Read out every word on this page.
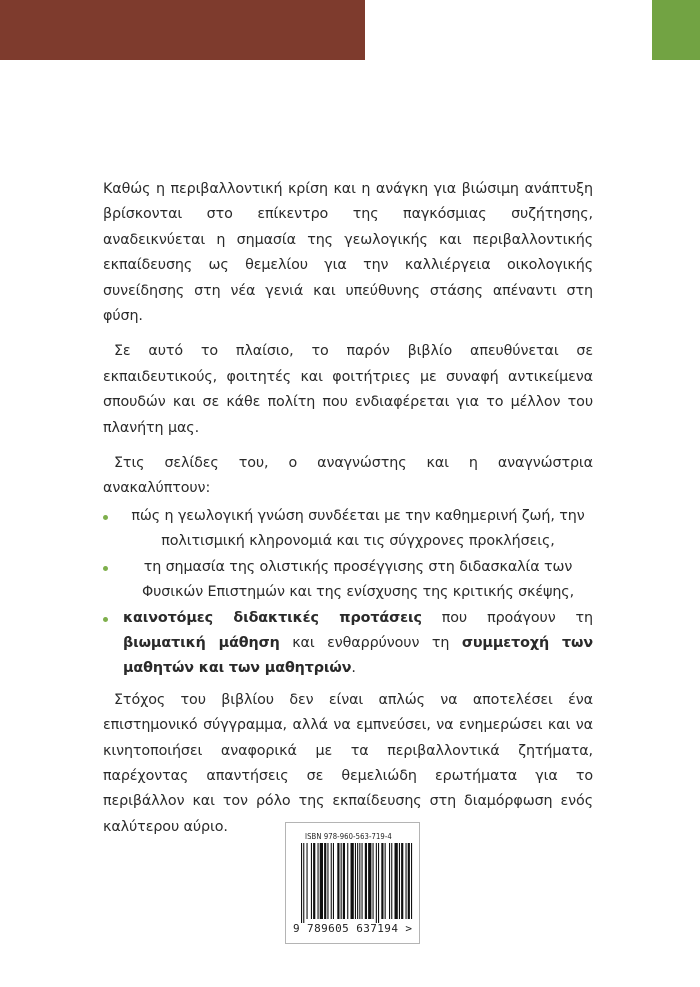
Καθώς η περιβαλλοντική κρίση και η ανάγκη για βιώσιμη ανάπτυξη βρίσκονται στο επίκεντρο της παγκόσμιας συζήτησης, αναδεικνύεται η σημασία της γεωλογικής και περιβαλλοντικής εκπαίδευσης ως θεμελίου για την καλλιέργεια οικολογικής συνείδησης στη νέα γενιά και υπεύθυνης στάσης απέναντι στη φύση.

Σε αυτό το πλαίσιο, το παρόν βιβλίο απευθύνεται σε εκπαιδευτικούς, φοιτητές και φοιτήτριες με συναφή αντικείμενα σπουδών και σε κάθε πολίτη που ενδιαφέρεται για το μέλλον του πλανήτη μας.

Στις σελίδες του, ο αναγνώστης και η αναγνώστρια ανακαλύπτουν:

πώς η γεωλογική γνώση συνδέεται με την καθημερινή ζωή, την πολιτισμική κληρονομιά και τις σύγχρονες προκλήσεις,
τη σημασία της ολιστικής προσέγγισης στη διδασκαλία των Φυσικών Επιστημών και της ενίσχυσης της κριτικής σκέψης,
καινοτόμες διδακτικές προτάσεις που προάγουν τη βιωματική μάθηση και ενθαρρύνουν τη συμμετοχή των μαθητών και των μαθητριών.

Στόχος του βιβλίου δεν είναι απλώς να αποτελέσει ένα επιστημονικό σύγγραμμα, αλλά να εμπνεύσει, να ενημερώσει και να κινητοποιήσει αναφορικά με τα περιβαλλοντικά ζητήματα, παρέχοντας απαντήσεις σε θεμελιώδη ερωτήματα για το περιβάλλον και τον ρόλο της εκπαίδευσης στη διαμόρφωση ενός καλύτερου αύριο.

ISBN 978-960-563-719-4
9 789605 637194 >
